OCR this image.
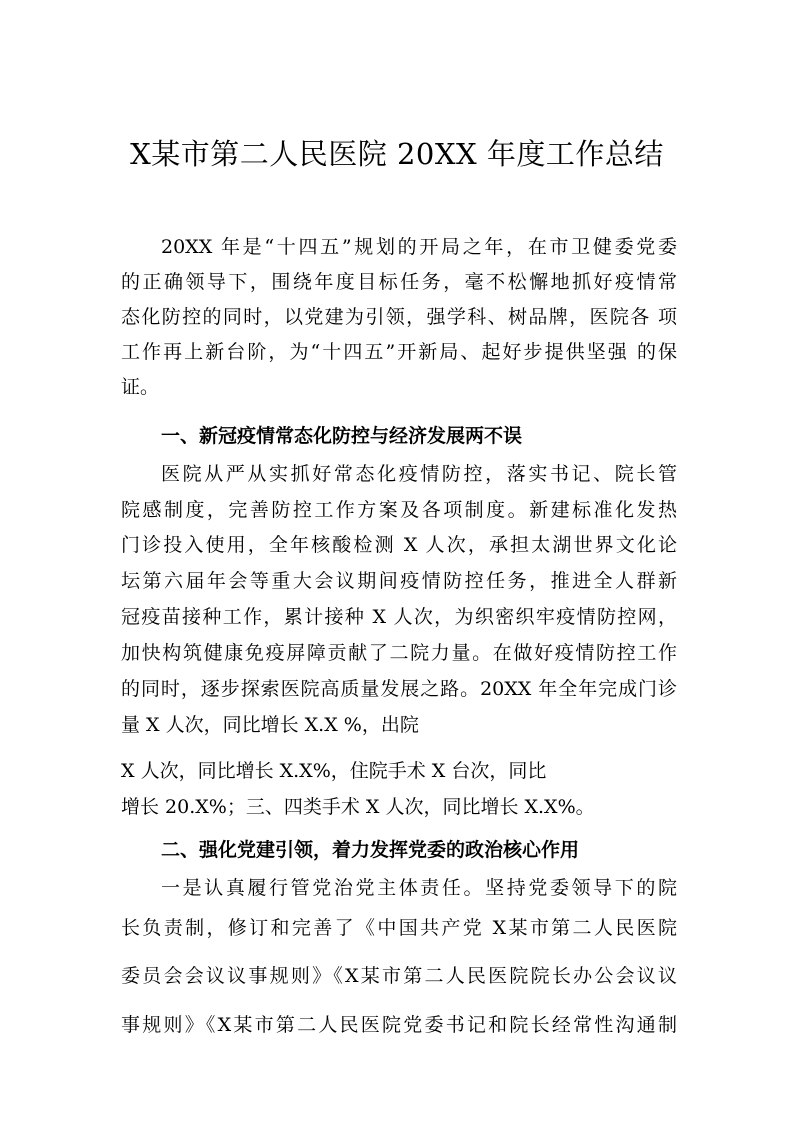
X某市第二人民医院 20XX 年度工作总结
20XX 年是“十四五”规划的开局之年，在市卫健委党委
的正确领导下，围绕年度目标任务，毫不松懈地抓好疫情常
态化防控的同时，以党建为引领，强学科、树品牌，医院各 项
工作再上新台阶，为“十四五”开新局、起好步提供坚强 的保
证。
一、新冠疫情常态化防控与经济发展两不误
医院从严从实抓好常态化疫情防控，落实书记、院长管
院感制度，完善防控工作方案及各项制度。新建标准化发热
门诊投入使用，全年核酸检测 X 人次，承担太湖世界文化论
坛第六届年会等重大会议期间疫情防控任务，推进全人群新
冠疫苗接种工作，累计接种 X 人次，为织密织牢疫情防控网，
加快构筑健康免疫屏障贡献了二院力量。在做好疫情防控工作
的同时，逐步探索医院高质量发展之路。20XX 年全年完成门诊
量 X 人次，同比增长 X.X %，出院
X 人次，同比增长 X.X%，住院手术 X 台次，同比
增长 20.X%；三、四类手术 X 人次，同比增长 X.X%。
二、强化党建引领，着力发挥党委的政治核心作用
一是认真履行管党治党主体责任。坚持党委领导下的院
长负责制，修订和完善了《中国共产党 X某市第二人民医院
委员会会议议事规则》《X某市第二人民医院院长办公会议议
事规则》《X某市第二人民医院党委书记和院长经常性沟通制
